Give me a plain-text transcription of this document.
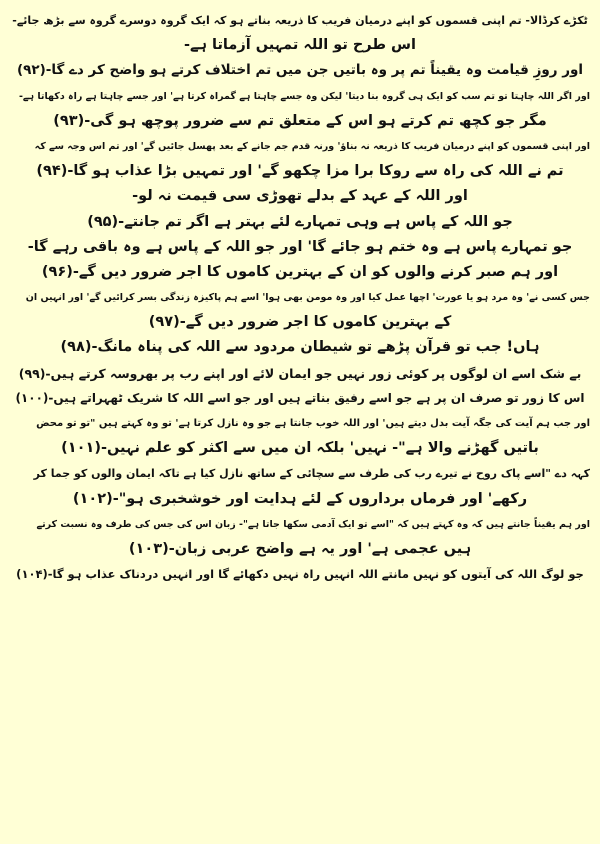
ٹکڑے کرڈالا- تم اپنی قسموں کو اپنے درمیان فریب کا ذریعہ بناتے ہو کہ ایک گروہ دوسرے گروہ سے بڑھ جائے-
اس طرح تو اللہ تمہیں آزماتا ہے-
اور روزِ قیامت وہ یقیناً تم پر وہ باتیں جن میں تم اختلاف کرتے ہو واضح کر دے گا-(۹۲)
اور اگر اللہ چاہتا تو تم سب کو ایک ہی گروہ بنا دیتا' لیکن وہ جسے چاہتا ہے گمراہ کرتا ہے' اور جسے چاہتا ہے راہ دکھاتا ہے-
مگر جو کچھ تم کرتے ہو اس کے متعلق تم سے ضرور پوچھ ہو گی-(۹۳)
اور اپنی قسموں کو اپنے درمیان فریب کا ذریعہ نہ بناؤ' ورنہ قدم جم جانے کے بعد پھسل جائیں گے' اور تم اس وجہ سے کہ
تم نے اللہ کی راہ سے روکا برا مزا چکھو گے' اور تمہیں بڑا عذاب ہو گا-(۹۴)
اور اللہ کے عہد کے بدلے تھوڑی سی قیمت نہ لو-
جو اللہ کے پاس ہے وہی تمہارے لئے بہتر ہے اگر تم جانتے-(۹۵)
جو تمہارے پاس ہے وہ ختم ہو جائے گا' اور جو اللہ کے پاس ہے وہ باقی رہے گا-
اور ہم صبر کرنے والوں کو ان کے بہترین کاموں کا اجر ضرور دیں گے-(۹۶)
جس کسی نے' وہ مرد ہو یا عورت' اچھا عمل کیا اور وہ مومن بھی ہوا' اسے ہم پاکیزہ زندگی بسر کرائیں گے' اور انہیں ان
کے بہترین کاموں کا اجر ضرور دیں گے-(۹۷)
ہاں! جب تو قرآن پڑھے تو شیطان مردود سے اللہ کی پناہ مانگ-(۹۸)
بے شک اسے ان لوگوں پر کوئی زور نہیں جو ایمان لائے اور اپنے رب پر بھروسہ کرتے ہیں-(۹۹)
اس کا زور تو صرف ان پر ہے جو اسے رفیق بناتے ہیں اور جو اسے اللہ کا شریک ٹھہراتے ہیں-(۱۰۰)
اور جب ہم آیت کی جگہ آیت بدل دیتے ہیں' اور اللہ خوب جانتا ہے جو وہ نازل کرتا ہے' تو وہ کہتے ہیں "تو تو محض
باتیں گھڑنے والا ہے"- نہیں' بلکہ ان میں سے اکثر کو علم نہیں-(۱۰۱)
کہہ دے "اسے پاک روح نے تیرے رب کی طرف سے سچائی کے ساتھ نازل کیا ہے تاکہ ایمان والوں کو جما کر
رکھے' اور فرماں برداروں کے لئے ہدایت اور خوشخبری ہو"-(۱۰۲)
اور ہم یقیناً جانتے ہیں کہ وہ کہتے ہیں کہ "اسے تو ایک آدمی سکھا جاتا ہے"- زبان اس کی جس کی طرف وہ نسبت کرتے
ہیں عجمی ہے' اور یہ ہے واضح عربی زبان-(۱۰۳)
جو لوگ اللہ کی آیتوں کو نہیں مانتے اللہ انہیں راہ نہیں دکھائے گا اور انہیں دردناک عذاب ہو گا-(۱۰۴)
